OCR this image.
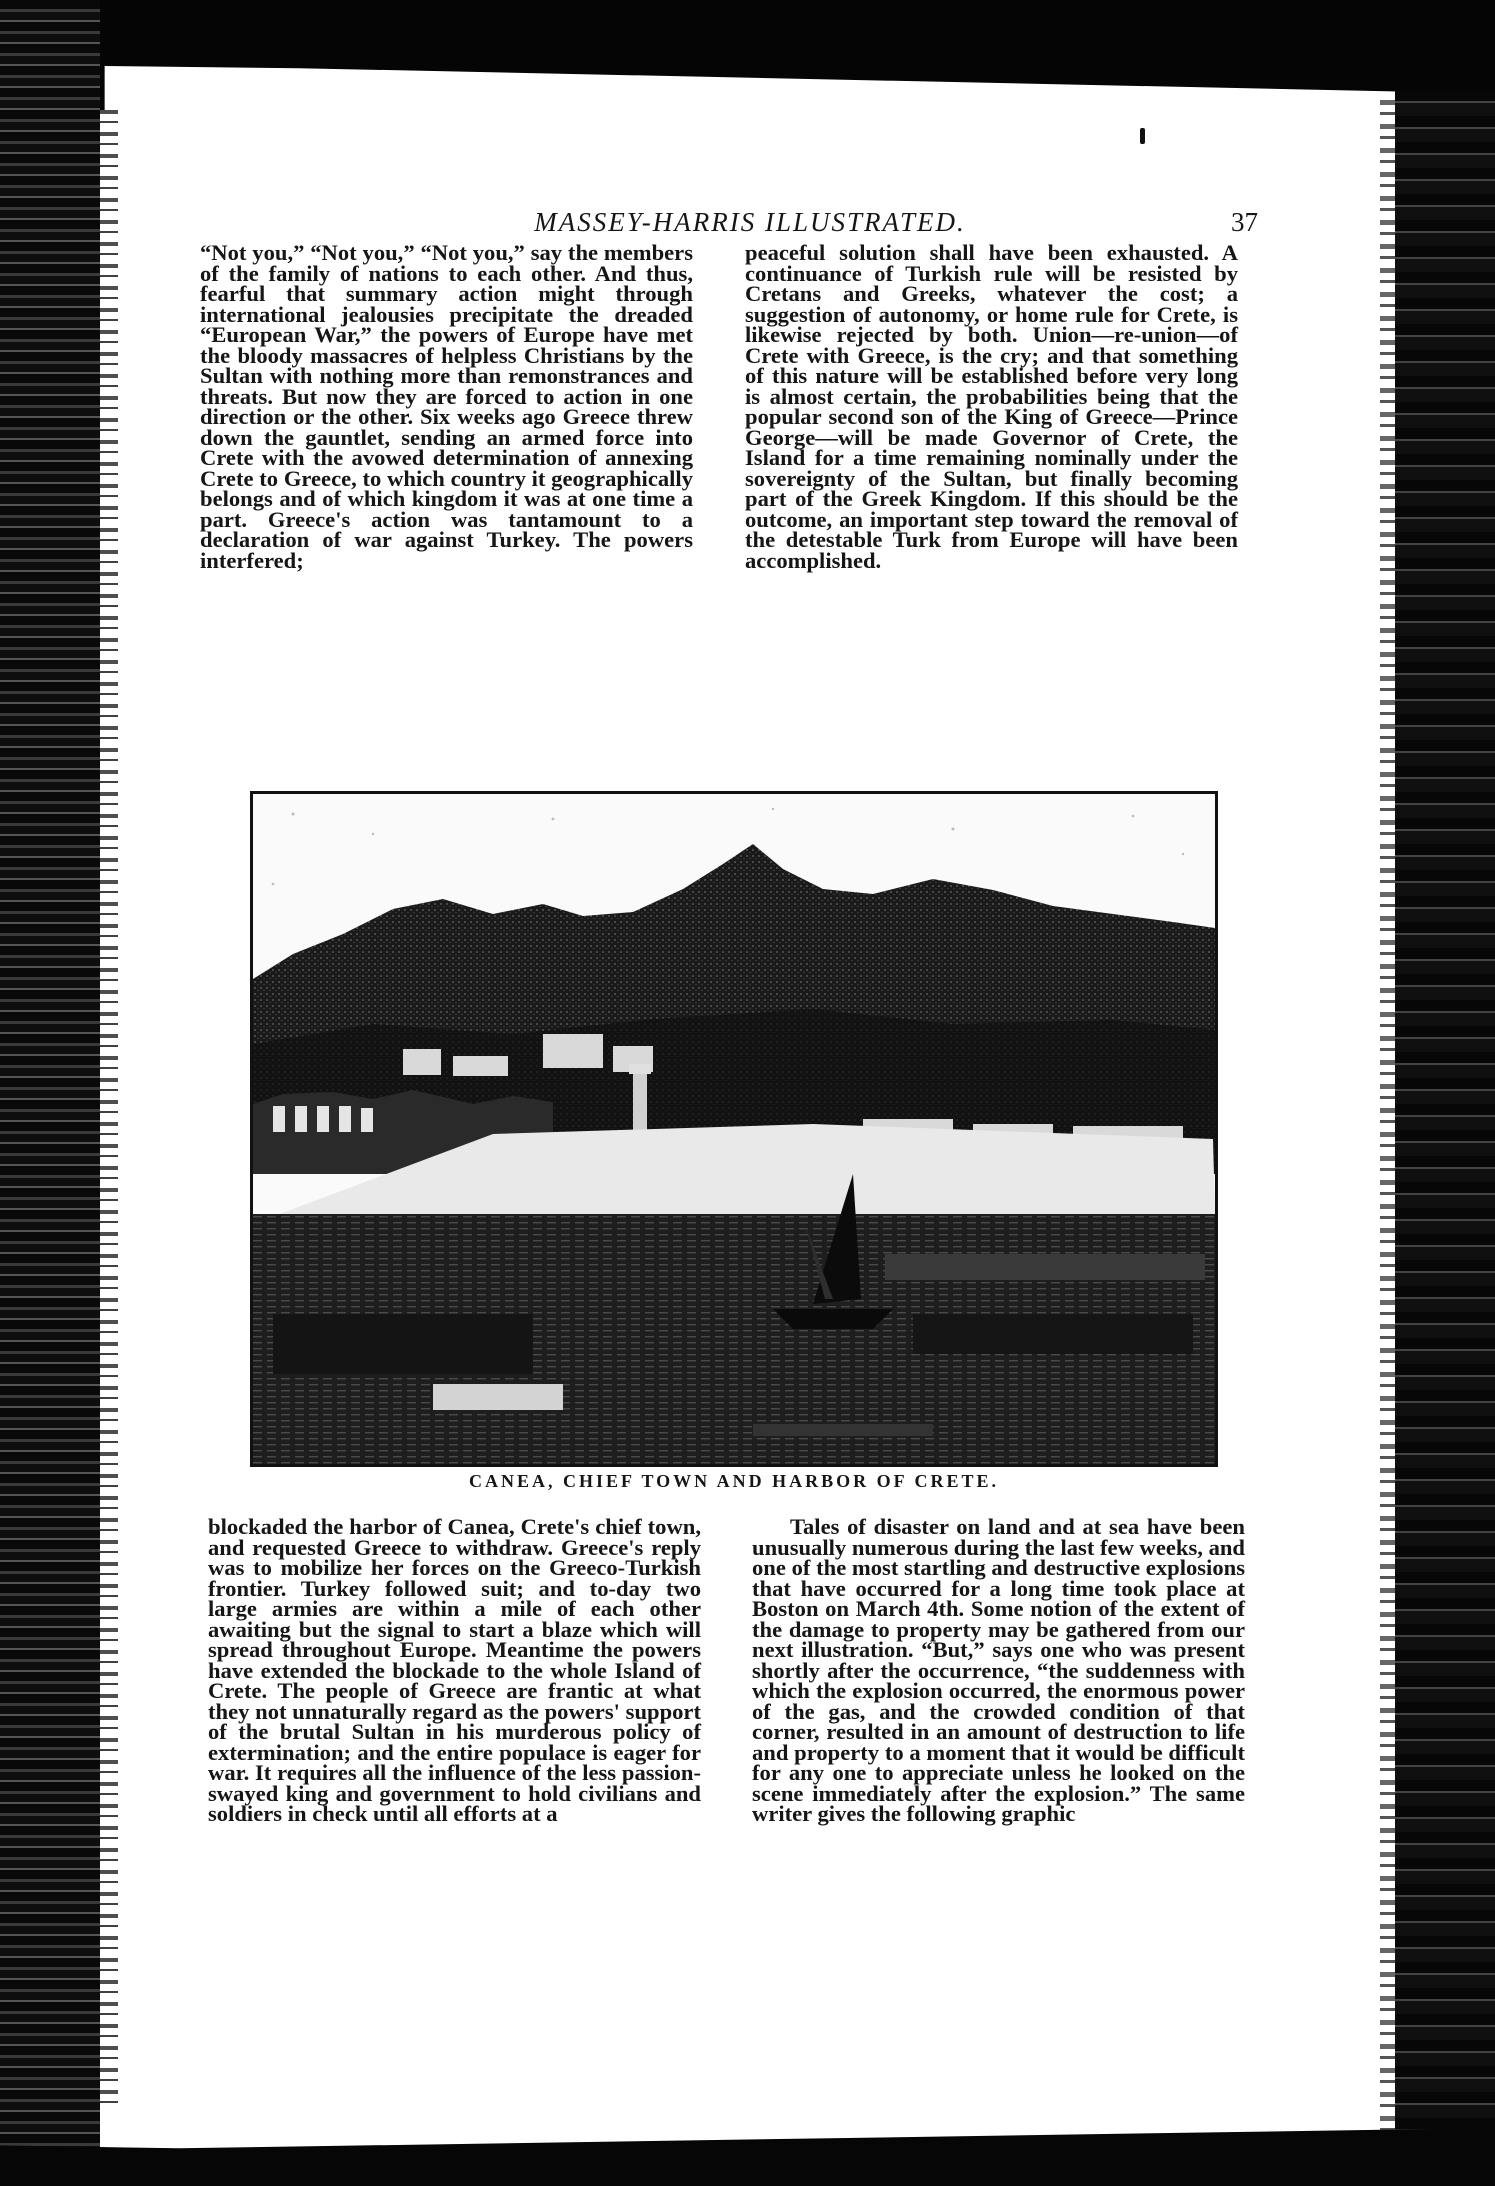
MASSEY-HARRIS ILLUSTRATED.	37

“Not you,” “Not you,” “Not you,” say the members of the family of nations to each other. And thus, fearful that summary action might through international jealousies precipitate the dreaded “European War,” the powers of Europe have met the bloody massacres of helpless Christians by the Sultan with nothing more than remonstrances and threats. But now they are forced to action in one direction or the other. Six weeks ago Greece threw down the gauntlet, sending an armed force into Crete with the avowed determination of annexing Crete to Greece, to which country it geographically belongs and of which kingdom it was at one time a part. Greece's action was tantamount to a declaration of war against Turkey. The powers interfered;

peaceful solution shall have been exhausted. A continuance of Turkish rule will be resisted by Cretans and Greeks, whatever the cost; a suggestion of autonomy, or home rule for Crete, is likewise rejected by both. Union—re-union—of Crete with Greece, is the cry; and that something of this nature will be established before very long is almost certain, the probabilities being that the popular second son of the King of Greece—Prince George—will be made Governor of Crete, the Island for a time remaining nominally under the sovereignty of the Sultan, but finally becoming part of the Greek Kingdom. If this should be the outcome, an important step toward the removal of the detestable Turk from Europe will have been accomplished.

CANEA, CHIEF TOWN AND HARBOR OF CRETE.

blockaded the harbor of Canea, Crete's chief town, and requested Greece to withdraw. Greece's reply was to mobilize her forces on the Greeco-Turkish frontier. Turkey followed suit; and to-day two large armies are within a mile of each other awaiting but the signal to start a blaze which will spread throughout Europe. Meantime the powers have extended the blockade to the whole Island of Crete. The people of Greece are frantic at what they not unnaturally regard as the powers' support of the brutal Sultan in his murderous policy of extermination; and the entire populace is eager for war. It requires all the influence of the less passion-swayed king and government to hold civilians and soldiers in check until all efforts at a

Tales of disaster on land and at sea have been unusually numerous during the last few weeks, and one of the most startling and destructive explosions that have occurred for a long time took place at Boston on March 4th. Some notion of the extent of the damage to property may be gathered from our next illustration. “But,” says one who was present shortly after the occurrence, “the suddenness with which the explosion occurred, the enormous power of the gas, and the crowded condition of that corner, resulted in an amount of destruction to life and property to a moment that it would be difficult for any one to appreciate unless he looked on the scene immediately after the explosion.” The same writer gives the following graphic
